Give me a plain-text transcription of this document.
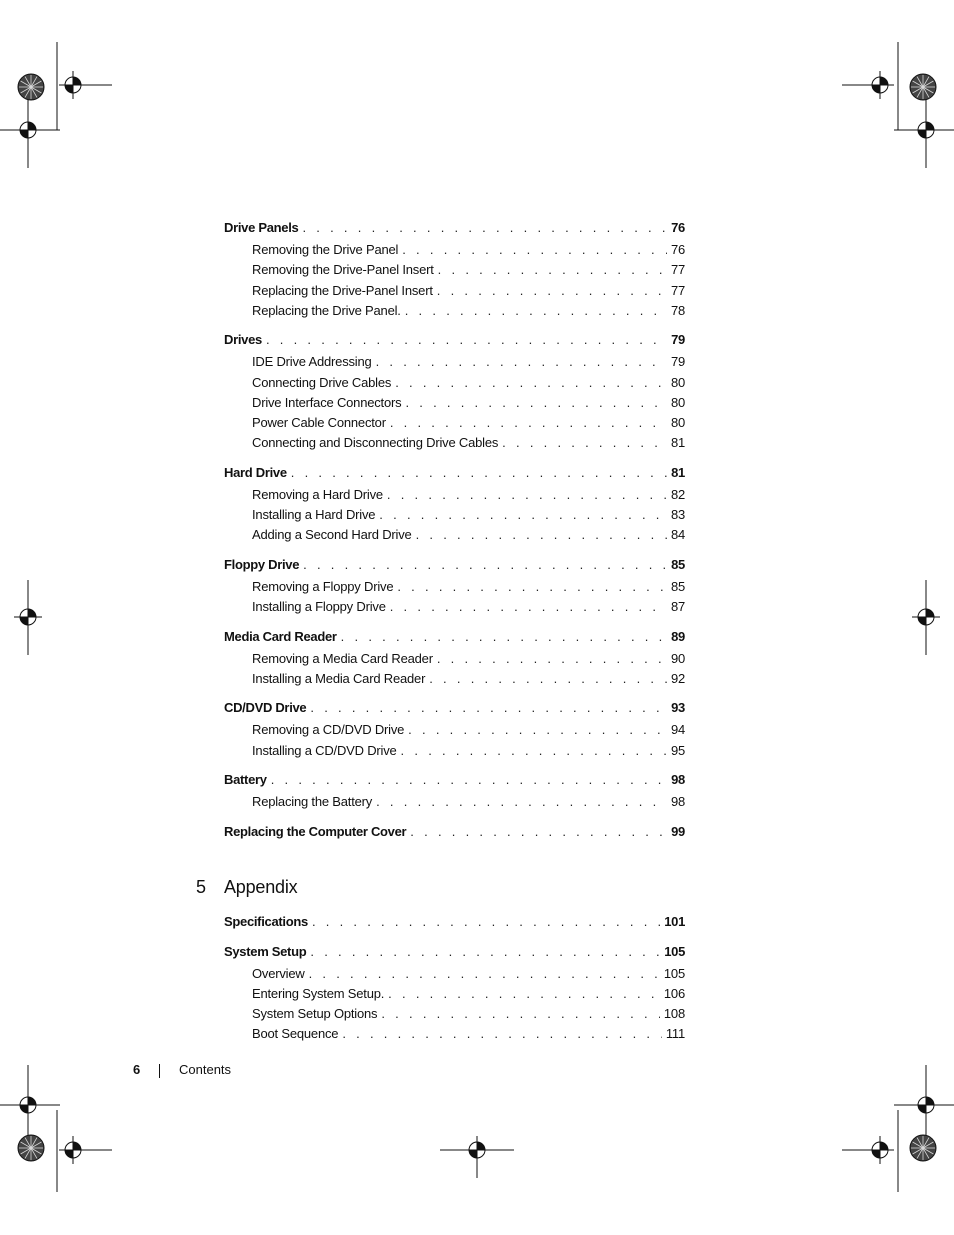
Drive Panels . . .	76
Removing the Drive Panel . . .	76
Removing the Drive-Panel Insert . . .	77
Replacing the Drive-Panel Insert . . .	77
Replacing the Drive Panel. . . .	78
Drives . . .	79
IDE Drive Addressing . . .	79
Connecting Drive Cables . . .	80
Drive Interface Connectors . . .	80
Power Cable Connector . . .	80
Connecting and Disconnecting Drive Cables . . .	81
Hard Drive . . .	81
Removing a Hard Drive . . .	82
Installing a Hard Drive . . .	83
Adding a Second Hard Drive . . .	84
Floppy Drive . . .	85
Removing a Floppy Drive . . .	85
Installing a Floppy Drive . . .	87
Media Card Reader . . .	89
Removing a Media Card Reader . . .	90
Installing a Media Card Reader . . .	92
CD/DVD Drive . . .	93
Removing a CD/DVD Drive . . .	94
Installing a CD/DVD Drive . . .	95
Battery . . .	98
Replacing the Battery . . .	98
Replacing the Computer Cover . . .	99
Specifications . . .	101
System Setup . . .	105
Overview . . .	105
Entering System Setup. . . .	106
System Setup Options . . .	108
Boot Sequence . . .	111
5 Appendix
6	Contents
